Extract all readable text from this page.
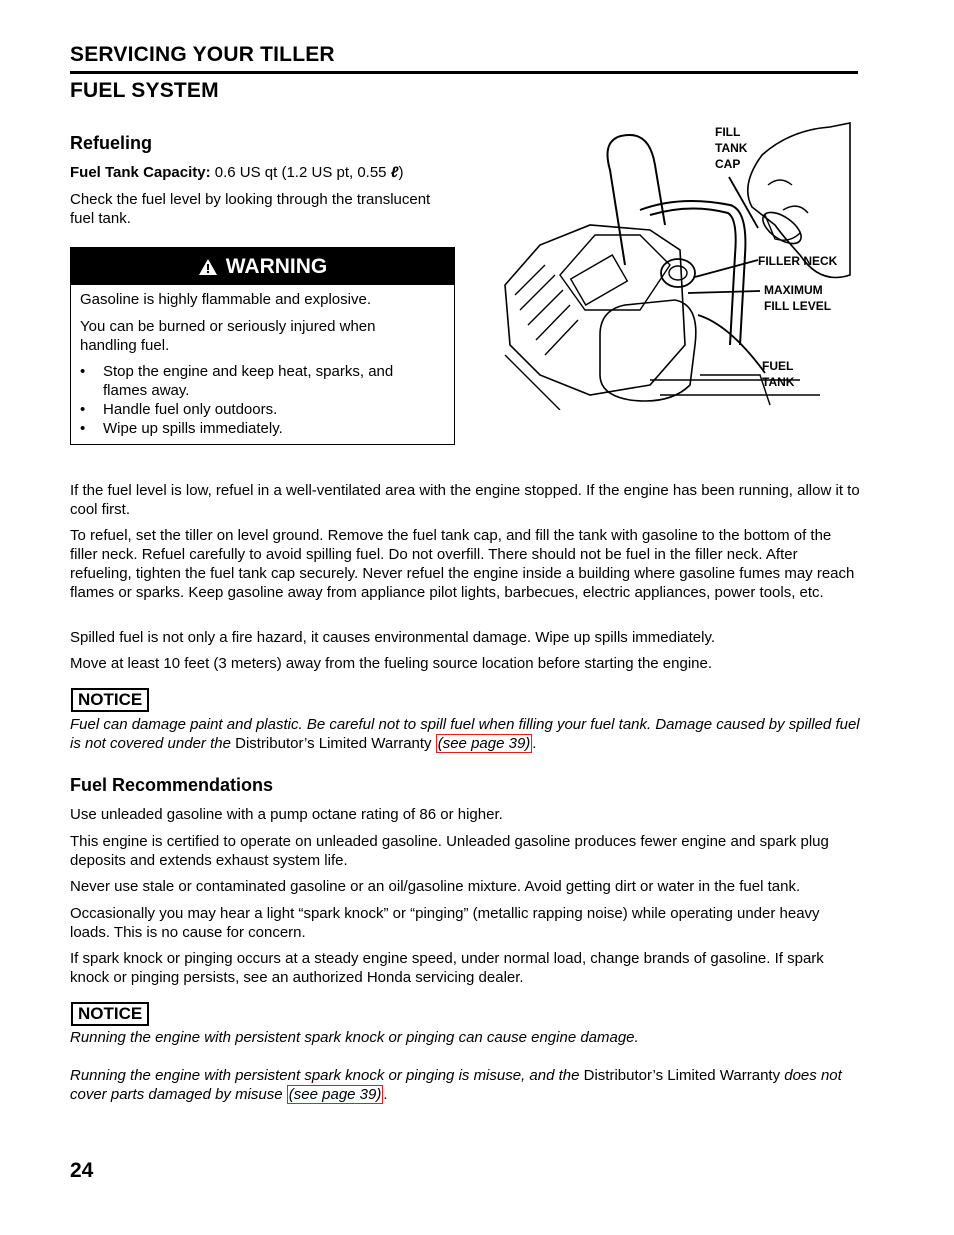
SERVICING YOUR TILLER
FUEL SYSTEM
Refueling
Fuel Tank Capacity: 0.6 US qt (1.2 US pt, 0.55 ℓ)
Check the fuel level by looking through the translucent fuel tank.
WARNING
Gasoline is highly flammable and explosive.
You can be burned or seriously injured when handling fuel.
•	Stop the engine and keep heat, sparks, and flames away.
•	Handle fuel only outdoors.
•	Wipe up spills immediately.
FILL TANK CAP
FILLER NECK
MAXIMUM FILL LEVEL
FUEL TANK
If the fuel level is low, refuel in a well-ventilated area with the engine stopped. If the engine has been running, allow it to cool first.
To refuel, set the tiller on level ground. Remove the fuel tank cap, and fill the tank with gasoline to the bottom of the filler neck. Refuel carefully to avoid spilling fuel. Do not overfill. There should not be fuel in the filler neck. After refueling, tighten the fuel tank cap securely. Never refuel the engine inside a building where gasoline fumes may reach flames or sparks. Keep gasoline away from appliance pilot lights, barbecues, electric appliances, power tools, etc.
Spilled fuel is not only a fire hazard, it causes environmental damage. Wipe up spills immediately.
Move at least 10 feet (3 meters) away from the fueling source location before starting the engine.
NOTICE
Fuel can damage paint and plastic. Be careful not to spill fuel when filling your fuel tank. Damage caused by spilled fuel is not covered under the Distributor’s Limited Warranty (see page 39) .
Fuel Recommendations
Use unleaded gasoline with a pump octane rating of 86 or higher.
This engine is certified to operate on unleaded gasoline. Unleaded gasoline produces fewer engine and spark plug deposits and extends exhaust system life.
Never use stale or contaminated gasoline or an oil/gasoline mixture. Avoid getting dirt or water in the fuel tank.
Occasionally you may hear a light “spark knock” or “pinging” (metallic rapping noise) while operating under heavy loads. This is no cause for concern.
If spark knock or pinging occurs at a steady engine speed, under normal load, change brands of gasoline. If spark knock or pinging persists, see an authorized Honda servicing dealer.
NOTICE
Running the engine with persistent spark knock or pinging can cause engine damage.
Running the engine with persistent spark knock or pinging is misuse, and the Distributor’s Limited Warranty does not cover parts damaged by misuse (see page 39) .
24
